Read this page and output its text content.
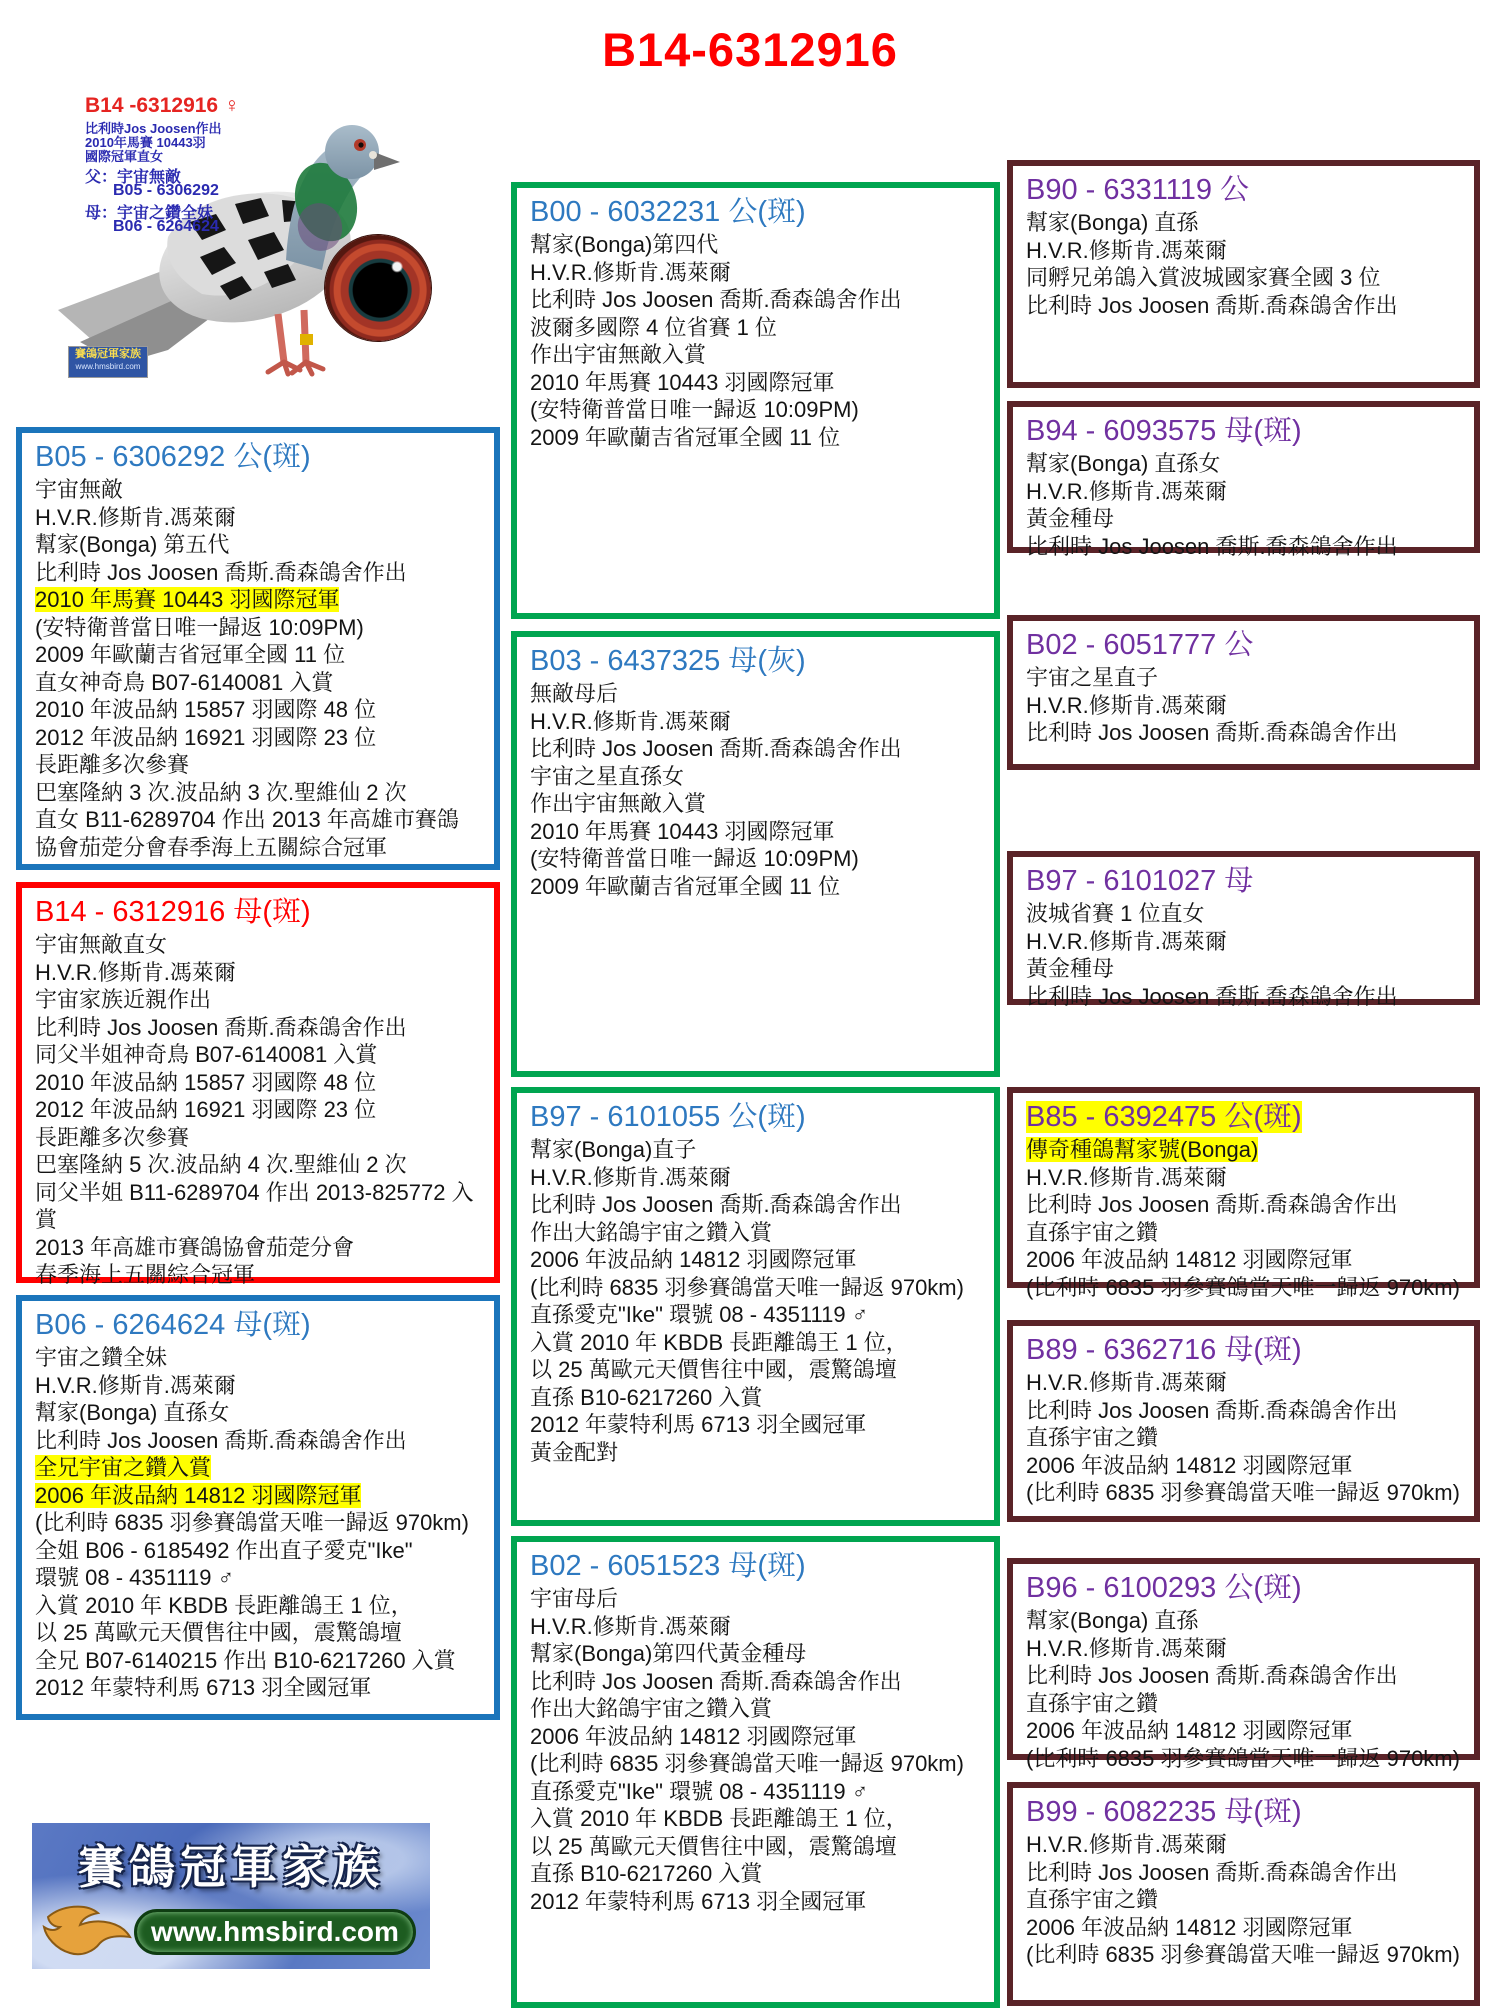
B14-6312916
B14 -6312916 ♀
比利時Jos Joosen作出
2010年馬賽 10443羽
國際冠軍直女
父：宇宙無敵
B05 - 6306292
母：宇宙之鑽全妹
B06 - 6264624
賽鴿冠軍家族
www.hmsbird.com
B05 - 6306292 公(斑)
宇宙無敵
H.V.R.修斯肯.馮萊爾
幫家(Bonga) 第五代
比利時 Jos Joosen 喬斯.喬森鴿舍作出
2010 年馬賽 10443 羽國際冠軍
(安特衛普當日唯一歸返 10:09PM)
2009 年歐蘭吉省冠軍全國 11 位
直女神奇鳥 B07-6140081 入賞
2010 年波品納 15857 羽國際 48 位
2012 年波品納 16921 羽國際 23 位
長距離多次參賽
巴塞隆納 3 次.波品納 3 次.聖維仙 2 次
直女 B11-6289704 作出 2013 年高雄市賽鴿
協會茄萣分會春季海上五關綜合冠軍
B14 - 6312916 母(斑)
宇宙無敵直女
H.V.R.修斯肯.馮萊爾
宇宙家族近親作出
比利時 Jos Joosen 喬斯.喬森鴿舍作出
同父半姐神奇鳥 B07-6140081 入賞
2010 年波品納 15857 羽國際 48 位
2012 年波品納 16921 羽國際 23 位
長距離多次參賽
巴塞隆納 5 次.波品納 4 次.聖維仙 2 次
同父半姐 B11-6289704 作出 2013-825772 入
賞
2013 年高雄市賽鴿協會茄萣分會
春季海上五關綜合冠軍
B06 - 6264624 母(斑)
宇宙之鑽全妹
H.V.R.修斯肯.馮萊爾
幫家(Bonga) 直孫女
比利時 Jos Joosen 喬斯.喬森鴿舍作出
全兄宇宙之鑽入賞
2006 年波品納 14812 羽國際冠軍
(比利時 6835 羽參賽鴿當天唯一歸返 970km)
全姐 B06 - 6185492 作出直子愛克"Ike"
環號 08 - 4351119 ♂
入賞 2010 年 KBDB 長距離鴿王 1 位，
以 25 萬歐元天價售往中國，震驚鴿壇
全兄 B07-6140215 作出 B10-6217260 入賞
2012 年蒙特利馬 6713 羽全國冠軍
B00 - 6032231 公(斑)
幫家(Bonga)第四代
H.V.R.修斯肯.馮萊爾
比利時 Jos Joosen 喬斯.喬森鴿舍作出
波爾多國際 4 位省賽 1 位
作出宇宙無敵入賞
2010 年馬賽 10443 羽國際冠軍
(安特衛普當日唯一歸返 10:09PM)
2009 年歐蘭吉省冠軍全國 11 位
B03 - 6437325 母(灰)
無敵母后
H.V.R.修斯肯.馮萊爾
比利時 Jos Joosen 喬斯.喬森鴿舍作出
宇宙之星直孫女
作出宇宙無敵入賞
2010 年馬賽 10443 羽國際冠軍
(安特衛普當日唯一歸返 10:09PM)
2009 年歐蘭吉省冠軍全國 11 位
B97 - 6101055 公(斑)
幫家(Bonga)直子
H.V.R.修斯肯.馮萊爾
比利時 Jos Joosen 喬斯.喬森鴿舍作出
作出大銘鴿宇宙之鑽入賞
2006 年波品納 14812 羽國際冠軍
(比利時 6835 羽參賽鴿當天唯一歸返 970km)
直孫愛克"Ike" 環號 08 - 4351119 ♂
入賞 2010 年 KBDB 長距離鴿王 1 位，
以 25 萬歐元天價售往中國，震驚鴿壇
直孫 B10-6217260 入賞
2012 年蒙特利馬 6713 羽全國冠軍
黃金配對
B02 - 6051523 母(斑)
宇宙母后
H.V.R.修斯肯.馮萊爾
幫家(Bonga)第四代黃金種母
比利時 Jos Joosen 喬斯.喬森鴿舍作出
作出大銘鴿宇宙之鑽入賞
2006 年波品納 14812 羽國際冠軍
(比利時 6835 羽參賽鴿當天唯一歸返 970km)
直孫愛克"Ike" 環號 08 - 4351119 ♂
入賞 2010 年 KBDB 長距離鴿王 1 位，
以 25 萬歐元天價售往中國，震驚鴿壇
直孫 B10-6217260 入賞
2012 年蒙特利馬 6713 羽全國冠軍
B90 - 6331119 公
幫家(Bonga) 直孫
H.V.R.修斯肯.馮萊爾
同孵兄弟鴿入賞波城國家賽全國 3 位
比利時 Jos Joosen 喬斯.喬森鴿舍作出
B94 - 6093575 母(斑)
幫家(Bonga) 直孫女
H.V.R.修斯肯.馮萊爾
黃金種母
比利時 Jos Joosen 喬斯.喬森鴿舍作出
B02 - 6051777 公
宇宙之星直子
H.V.R.修斯肯.馮萊爾
比利時 Jos Joosen 喬斯.喬森鴿舍作出
B97 - 6101027 母
波城省賽 1 位直女
H.V.R.修斯肯.馮萊爾
黃金種母
比利時 Jos Joosen 喬斯.喬森鴿舍作出
B85 - 6392475 公(斑)
傳奇種鴿幫家號(Bonga)
H.V.R.修斯肯.馮萊爾
比利時 Jos Joosen 喬斯.喬森鴿舍作出
直孫宇宙之鑽
2006 年波品納 14812 羽國際冠軍
(比利時 6835 羽參賽鴿當天唯一歸返 970km)
B89 - 6362716 母(斑)
H.V.R.修斯肯.馮萊爾
比利時 Jos Joosen 喬斯.喬森鴿舍作出
直孫宇宙之鑽
2006 年波品納 14812 羽國際冠軍
(比利時 6835 羽參賽鴿當天唯一歸返 970km)
B96 - 6100293 公(斑)
幫家(Bonga) 直孫
H.V.R.修斯肯.馮萊爾
比利時 Jos Joosen 喬斯.喬森鴿舍作出
直孫宇宙之鑽
2006 年波品納 14812 羽國際冠軍
(比利時 6835 羽參賽鴿當天唯一歸返 970km)
B99 - 6082235 母(斑)
H.V.R.修斯肯.馮萊爾
比利時 Jos Joosen 喬斯.喬森鴿舍作出
直孫宇宙之鑽
2006 年波品納 14812 羽國際冠軍
(比利時 6835 羽參賽鴿當天唯一歸返 970km)
賽鴿冠軍家族
www.hmsbird.com
